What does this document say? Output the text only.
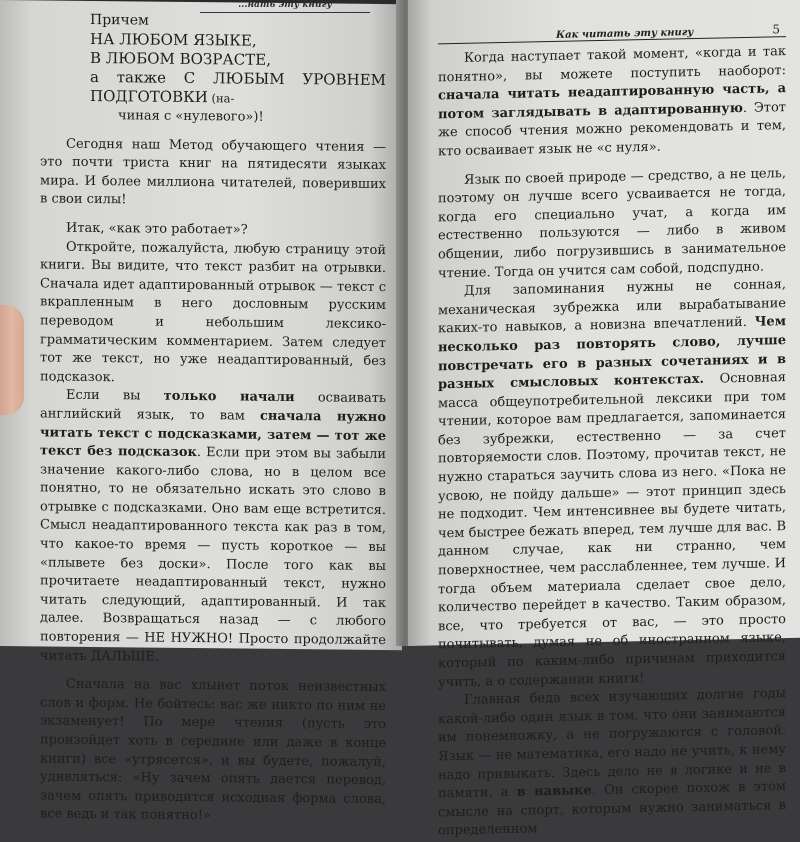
Причем

НА ЛЮБОМ ЯЗЫКЕ,

В ЛЮБОМ ВОЗРАСТЕ,

а также С ЛЮБЫМ УРОВНЕМ ПОДГОТОВКИ (на-

чиная с «нулевого»)!

Сегодня наш Метод обучающего чтения — это почти триста книг на пятидесяти языках мира. И более миллиона читателей, поверивших в свои силы!

Итак, «как это работает»?

Откройте, пожалуйста, любую страницу этой книги. Вы видите, что текст разбит на отрывки. Сначала идет адаптированный отрывок — текст с вкрапленным в него дословным русским переводом и небольшим лексико-грамматическим комментарием. Затем следует тот же текст, но уже неадаптированный, без подсказок.

Если вы только начали осваивать английский язык, то вам сначала нужно читать текст с подсказками, затем — тот же текст без подсказок. Если при этом вы забыли значение какого-либо слова, но в целом все понятно, то не обязательно искать это слово в отрывке с подсказками. Оно вам еще встретится. Смысл неадаптированного текста как раз в том, что какое-то время — пусть короткое — вы «плывете без доски». После того как вы прочитаете неадаптированный текст, нужно читать следующий, адаптированный. И так далее. Возвращаться назад — с любого повторения — НЕ НУЖНО! Просто продолжайте читать ДАЛЬШЕ.

Сначала на вас хлынет поток неизвестных слов и форм. Не бойтесь: вас же никто по ним не экзаменует! По мере чтения (пусть это произойдет хоть в середине или даже в конце книги) все «утрясется», и вы будете, пожалуй, удивляться: «Ну зачем опять дается перевод, зачем опять приводится исходная форма слова, все ведь и так понятно!»

...нать эту книгу
Как читать эту книгу	5

Когда наступает такой момент, «когда и так понятно», вы можете поступить наоборот: сначала читать неадаптированную часть, а потом заглядывать в адаптированную. Этот же способ чтения можно рекомендовать и тем, кто осваивает язык не «с нуля».

Язык по своей природе — средство, а не цель, поэтому он лучше всего усваивается не тогда, когда его специально учат, а когда им естественно пользуются — либо в живом общении, либо погрузившись в занимательное чтение. Тогда он учится сам собой, подспудно.

Для запоминания нужны не сонная, механическая зубрежка или вырабатывание каких-то навыков, а новизна впечатлений. Чем несколько раз повторять слово, лучше повстречать его в разных сочетаниях и в разных смысловых контекстах. Основная масса общеупотребительной лексики при том чтении, которое вам предлагается, запоминается без зубрежки, естественно — за счет повторяемости слов. Поэтому, прочитав текст, не нужно стараться заучить слова из него. «Пока не усвою, не пойду дальше» — этот принцип здесь не подходит. Чем интенсивнее вы будете читать, чем быстрее бежать вперед, тем лучше для вас. В данном случае, как ни странно, чем поверхностнее, чем расслабленнее, тем лучше. И тогда объем материала сделает свое дело, количество перейдет в качество. Таким образом, все, что требуется от вас, — это просто почитывать, думая не об иностранном языке, который по каким-либо причинам приходится учить, а о содержании книги!

Главная беда всех изучающих долгие годы какой-либо один язык в том, что они занимаются им понемножку, а не погружаются с головой. Язык — не математика, его надо не учить, к нему надо привыкать. Здесь дело не в логике и не в памяти, а в навыке. Он скорее похож в этом смысле на спорт, которым нужно заниматься в определенном
